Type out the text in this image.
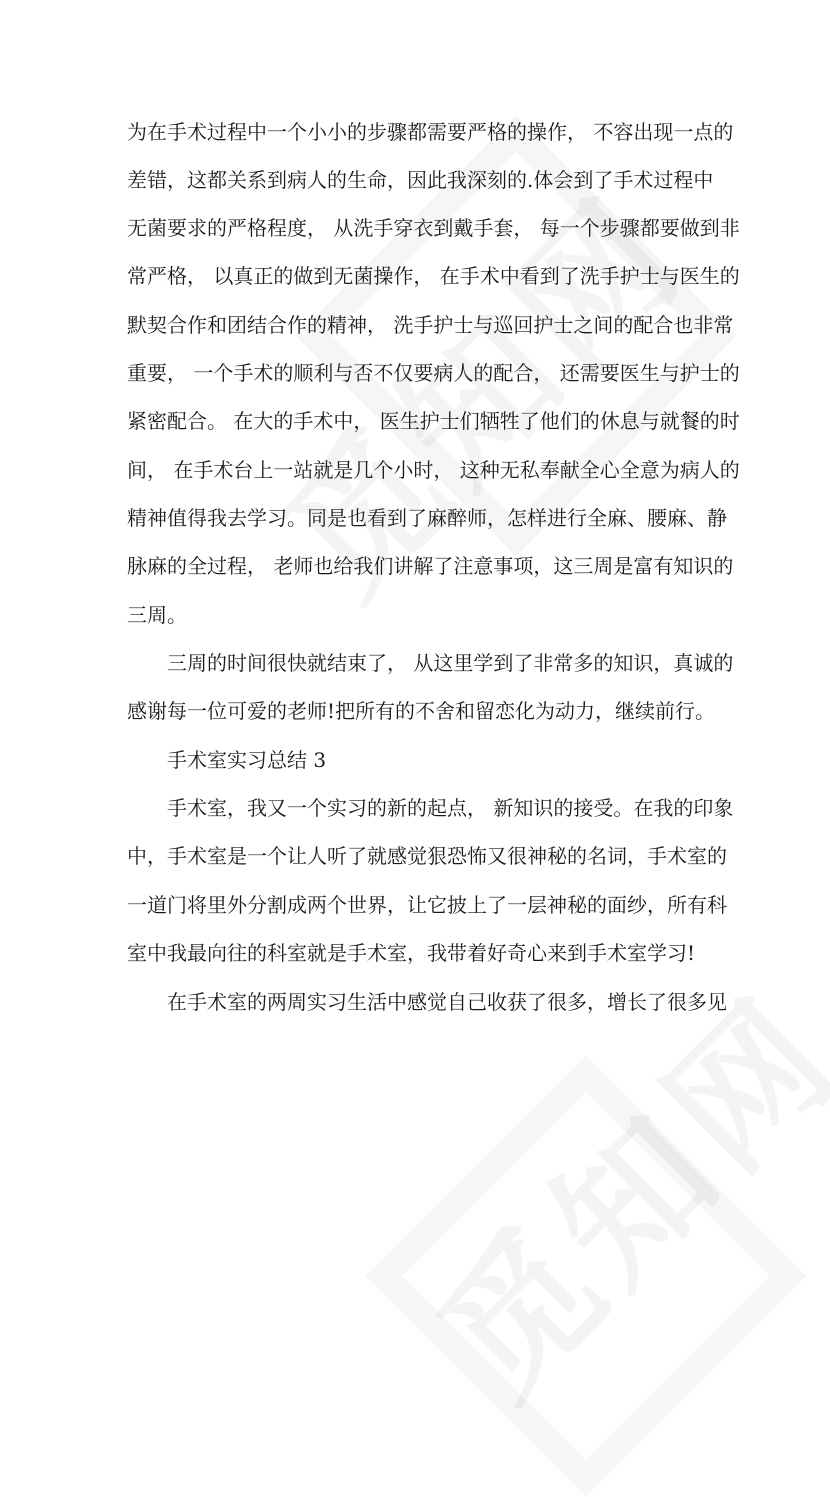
为在手术过程中一个小小的步骤都需要严格的操作， 不容出现一点的
差错，这都关系到病人的生命，因此我深刻的.体会到了手术过程中
无菌要求的严格程度， 从洗手穿衣到戴手套， 每一个步骤都要做到非
常严格， 以真正的做到无菌操作， 在手术中看到了洗手护士与医生的
默契合作和团结合作的精神， 洗手护士与巡回护士之间的配合也非常
重要， 一个手术的顺利与否不仅要病人的配合， 还需要医生与护士的
紧密配合。 在大的手术中， 医生护士们牺牲了他们的休息与就餐的时
间， 在手术台上一站就是几个小时， 这种无私奉献全心全意为病人的
精神值得我去学习。同是也看到了麻醉师，怎样进行全麻、腰麻、静
脉麻的全过程， 老师也给我们讲解了注意事项，这三周是富有知识的
三周。
三周的时间很快就结束了， 从这里学到了非常多的知识，真诚的
感谢每一位可爱的老师!把所有的不舍和留恋化为动力，继续前行。
手术室实习总结 3
手术室，我又一个实习的新的起点， 新知识的接受。在我的印象
中，手术室是一个让人听了就感觉狠恐怖又很神秘的名词，手术室的
一道门将里外分割成两个世界，让它披上了一层神秘的面纱，所有科
室中我最向往的科室就是手术室，我带着好奇心来到手术室学习!
在手术室的两周实习生活中感觉自己收获了很多，增长了很多见
